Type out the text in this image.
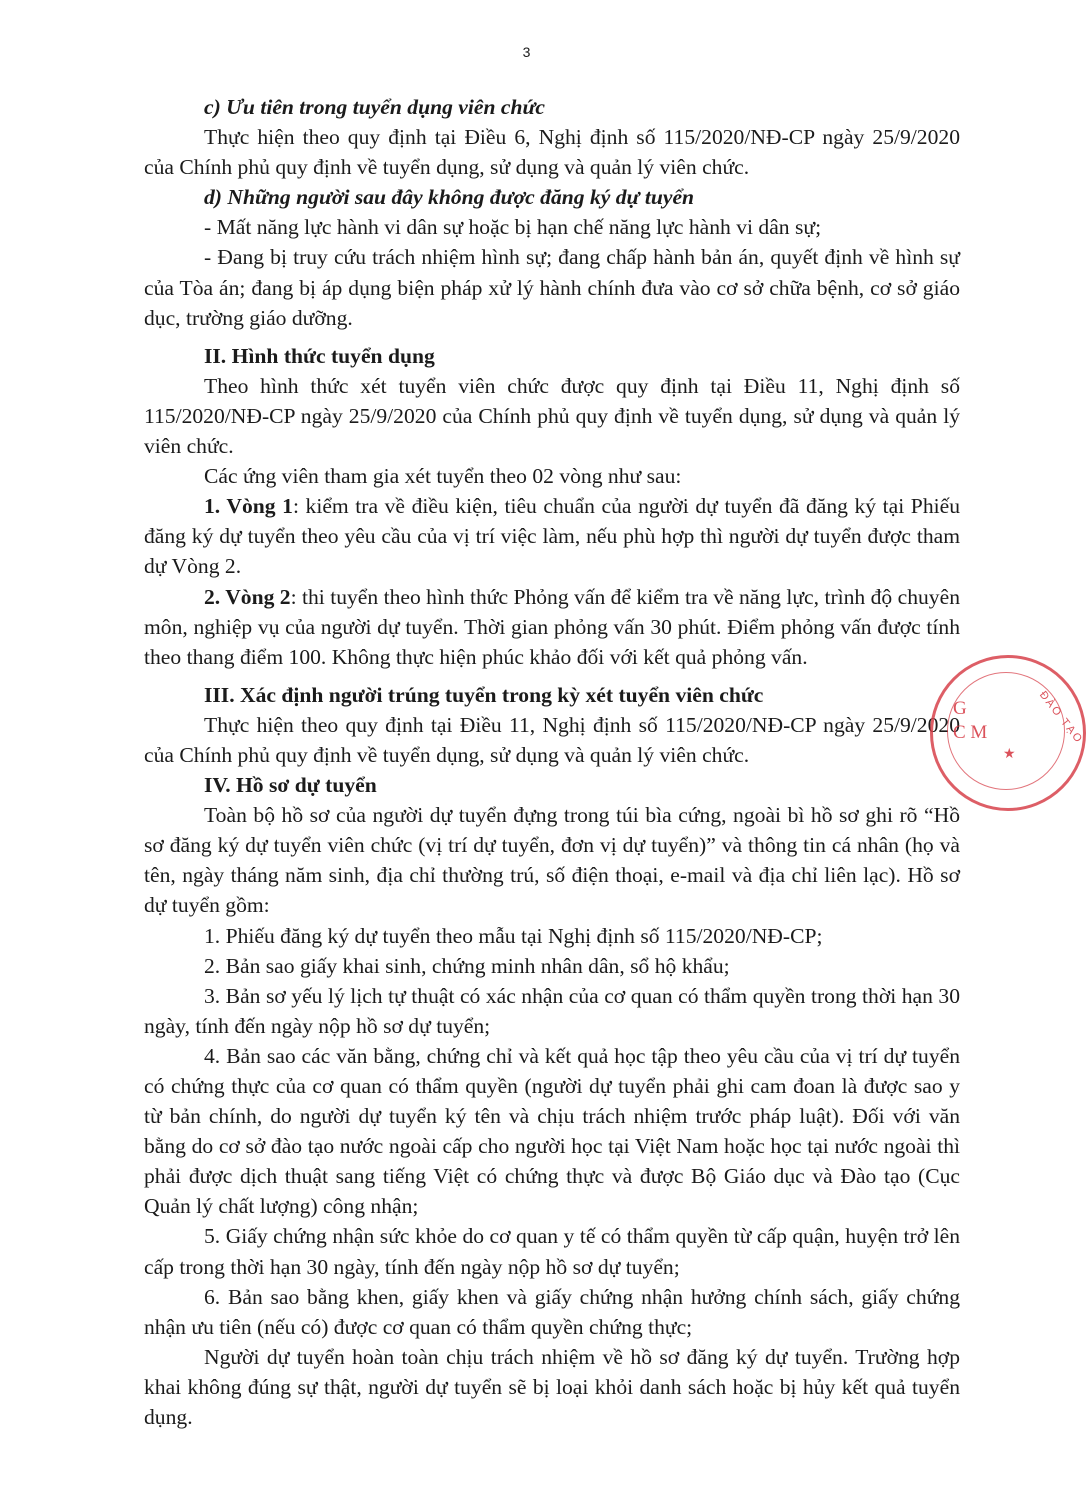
3

c) Ưu tiên trong tuyển dụng viên chức

Thực hiện theo quy định tại Điều 6, Nghị định số 115/2020/NĐ-CP ngày 25/9/2020 của Chính phủ quy định về tuyển dụng, sử dụng và quản lý viên chức.

d) Những người sau đây không được đăng ký dự tuyển

- Mất năng lực hành vi dân sự hoặc bị hạn chế năng lực hành vi dân sự;

- Đang bị truy cứu trách nhiệm hình sự; đang chấp hành bản án, quyết định về hình sự của Tòa án; đang bị áp dụng biện pháp xử lý hành chính đưa vào cơ sở chữa bệnh, cơ sở giáo dục, trường giáo dưỡng.

II. Hình thức tuyển dụng

Theo hình thức xét tuyển viên chức được quy định tại Điều 11, Nghị định số 115/2020/NĐ-CP ngày 25/9/2020 của Chính phủ quy định về tuyển dụng, sử dụng và quản lý viên chức.

Các ứng viên tham gia xét tuyển theo 02 vòng như sau:

1. Vòng 1: kiểm tra về điều kiện, tiêu chuẩn của người dự tuyển đã đăng ký tại Phiếu đăng ký dự tuyển theo yêu cầu của vị trí việc làm, nếu phù hợp thì người dự tuyển được tham dự Vòng 2.

2. Vòng 2: thi tuyển theo hình thức Phỏng vấn để kiểm tra về năng lực, trình độ chuyên môn, nghiệp vụ của người dự tuyển. Thời gian phỏng vấn 30 phút. Điểm phỏng vấn được tính theo thang điểm 100. Không thực hiện phúc khảo đối với kết quả phỏng vấn.

III. Xác định người trúng tuyển trong kỳ xét tuyển viên chức

Thực hiện theo quy định tại Điều 11, Nghị định số 115/2020/NĐ-CP ngày 25/9/2020 của Chính phủ quy định về tuyển dụng, sử dụng và quản lý viên chức.

IV. Hồ sơ dự tuyển

Toàn bộ hồ sơ của người dự tuyển đựng trong túi bìa cứng, ngoài bì hồ sơ ghi rõ “Hồ sơ đăng ký dự tuyển viên chức (vị trí dự tuyển, đơn vị dự tuyển)” và thông tin cá nhân (họ và tên, ngày tháng năm sinh, địa chỉ thường trú, số điện thoại, e-mail và địa chỉ liên lạc). Hồ sơ dự tuyển gồm:

1. Phiếu đăng ký dự tuyển theo mẫu tại Nghị định số 115/2020/NĐ-CP;

2. Bản sao giấy khai sinh, chứng minh nhân dân, sổ hộ khẩu;

3. Bản sơ yếu lý lịch tự thuật có xác nhận của cơ quan có thẩm quyền trong thời hạn 30 ngày, tính đến ngày nộp hồ sơ dự tuyển;

4. Bản sao các văn bằng, chứng chỉ và kết quả học tập theo yêu cầu của vị trí dự tuyển có chứng thực của cơ quan có thẩm quyền (người dự tuyển phải ghi cam đoan là được sao y từ bản chính, do người dự tuyển ký tên và chịu trách nhiệm trước pháp luật). Đối với văn bằng do cơ sở đào tạo nước ngoài cấp cho người học tại Việt Nam hoặc học tại nước ngoài thì phải được dịch thuật sang tiếng Việt có chứng thực và được Bộ Giáo dục và Đào tạo (Cục Quản lý chất lượng) công nhận;

5. Giấy chứng nhận sức khỏe do cơ quan y tế có thẩm quyền từ cấp quận, huyện trở lên cấp trong thời hạn 30 ngày, tính đến ngày nộp hồ sơ dự tuyển;

6. Bản sao bằng khen, giấy khen và giấy chứng nhận hưởng chính sách, giấy chứng nhận ưu tiên (nếu có) được cơ quan có thẩm quyền chứng thực;

Người dự tuyển hoàn toàn chịu trách nhiệm về hồ sơ đăng ký dự tuyển. Trường hợp khai không đúng sự thật, người dự tuyển sẽ bị loại khỏi danh sách hoặc bị hủy kết quả tuyển dụng.

ĐÀO TẠO
G
C M
★
